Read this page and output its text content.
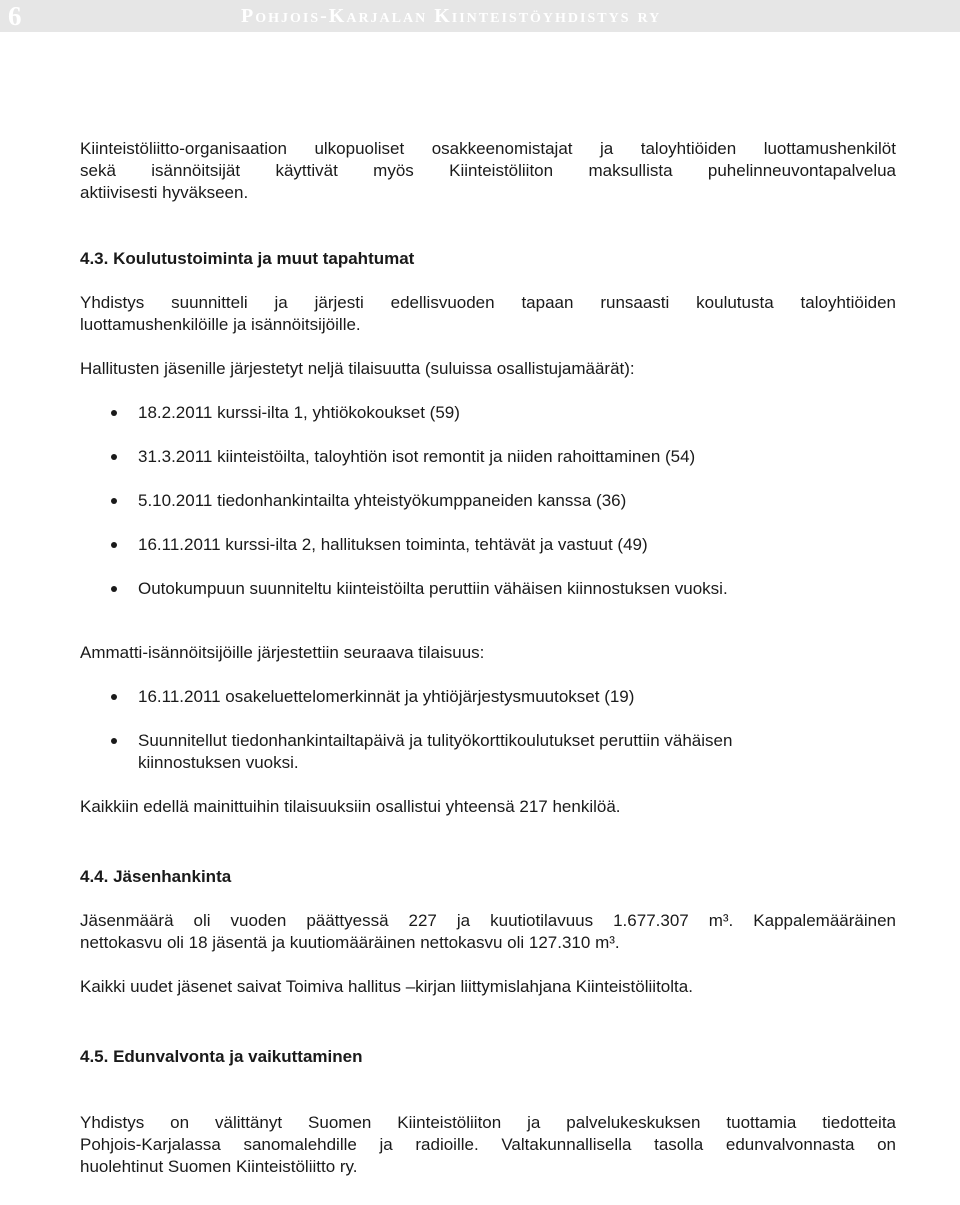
6	Pohjois-Karjalan Kiinteistöyhdistys ry

Kiinteistöliitto-organisaation ulkopuoliset osakkeenomistajat ja taloyhtiöiden luottamushenkilöt
sekä isännöitsijät käyttivät myös Kiinteistöliiton maksullista puhelinneuvontapalvelua
aktiivisesti hyväkseen.

4.3. Koulutustoiminta ja muut tapahtumat

Yhdistys suunnitteli ja järjesti edellisvuoden tapaan runsaasti koulutusta taloyhtiöiden
luottamushenkilöille ja isännöitsijöille.

Hallitusten jäsenille järjestetyt neljä tilaisuutta (suluissa osallistujamäärät):

18.2.2011 kurssi-ilta 1, yhtiökokoukset (59)
31.3.2011 kiinteistöilta, taloyhtiön isot remontit ja niiden rahoittaminen (54)
5.10.2011 tiedonhankintailta yhteistyökumppaneiden kanssa (36)
16.11.2011 kurssi-ilta 2, hallituksen toiminta, tehtävät ja vastuut (49)
Outokumpuun suunniteltu kiinteistöilta peruttiin vähäisen kiinnostuksen vuoksi.

Ammatti-isännöitsijöille järjestettiin seuraava tilaisuus:

16.11.2011 osakeluettelomerkinnät ja yhtiöjärjestysmuutokset (19)
Suunnitellut tiedonhankintailtapäivä ja tulityökorttikoulutukset peruttiin vähäisen
kiinnostuksen vuoksi.

Kaikkiin edellä mainittuihin tilaisuuksiin osallistui yhteensä 217 henkilöä.

4.4. Jäsenhankinta

Jäsenmäärä oli vuoden päättyessä 227 ja kuutiotilavuus 1.677.307 m³. Kappalemääräinen
nettokasvu oli 18 jäsentä ja kuutiomääräinen nettokasvu oli 127.310 m³.

Kaikki uudet jäsenet saivat Toimiva hallitus –kirjan liittymislahjana Kiinteistöliitolta.

4.5. Edunvalvonta ja vaikuttaminen

Yhdistys on välittänyt Suomen Kiinteistöliiton ja palvelukeskuksen tuottamia tiedotteita
Pohjois-Karjalassa sanomalehdille ja radioille. Valtakunnallisella tasolla edunvalvonnasta on
huolehtinut Suomen Kiinteistöliitto ry.
